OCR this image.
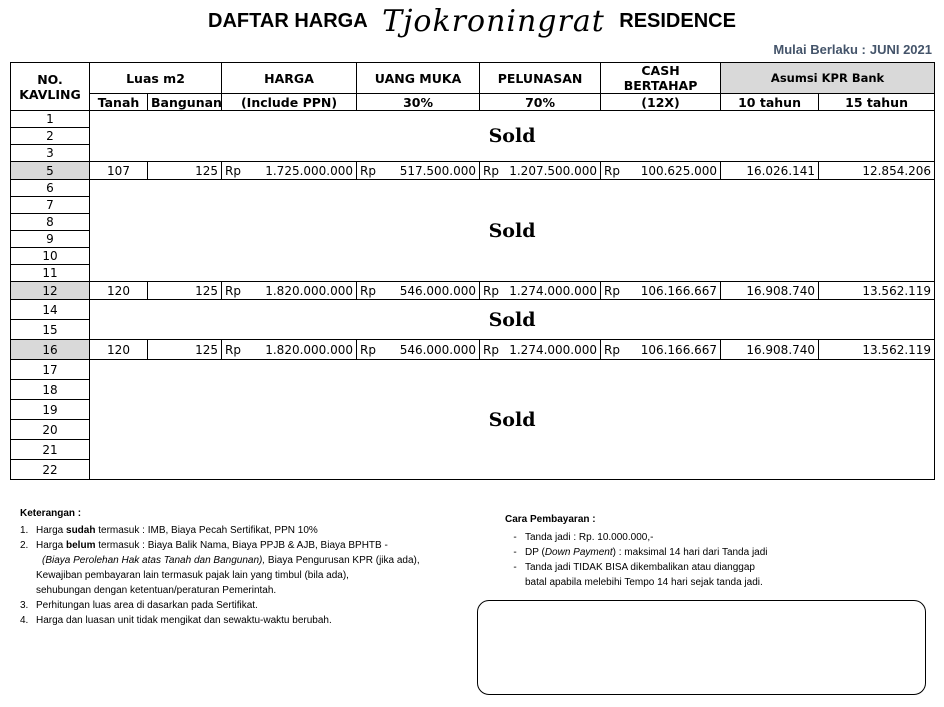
DAFTAR HARGA Tjokroningrat RESIDENCE
Mulai Berlaku : JUNI 2021
NO.
KAVLING	Luas m2		HARGA		UANG MUKA		PELUNASAN		CASH BERTAHAP		Asumsi KPR Bank	
	Tanah	Bangunan	(Include PPN)		30%		70%		(12X)		10 tahun	15 tahun
1	Sold											
2												
3												
5	107	125	Rp	1.725.000.000	Rp	517.500.000	Rp	1.207.500.000	Rp	100.625.000	16.026.141	12.854.206
6	Sold											
7												
8												
9												
10												
11												
12	120	125	Rp	1.820.000.000	Rp	546.000.000	Rp	1.274.000.000	Rp	106.166.667	16.908.740	13.562.119
14	Sold											
15												
16	120	125	Rp	1.820.000.000	Rp	546.000.000	Rp	1.274.000.000	Rp	106.166.667	16.908.740	13.562.119
17	Sold											
18												
19												
20												
21												
22												
Keterangan :
1. Harga sudah termasuk : IMB, Biaya Pecah Sertifikat, PPN 10%
2. Harga belum termasuk : Biaya Balik Nama, Biaya PPJB & AJB, Biaya BPHTB -
(Biaya Perolehan Hak atas Tanah dan Bangunan), Biaya Pengurusan KPR (jika ada),
Kewajiban pembayaran lain termasuk pajak lain yang timbul (bila ada),
sehubungan dengan ketentuan/peraturan Pemerintah.
3. Perhitungan luas area di dasarkan pada Sertifikat.
4. Harga dan luasan unit tidak mengikat dan sewaktu-waktu berubah.
Cara Pembayaran :
- Tanda jadi : Rp. 10.000.000,-
- DP (Down Payment) : maksimal 14 hari dari Tanda jadi
- Tanda jadi TIDAK BISA dikembalikan atau dianggap
batal apabila melebihi Tempo 14 hari sejak tanda jadi.
